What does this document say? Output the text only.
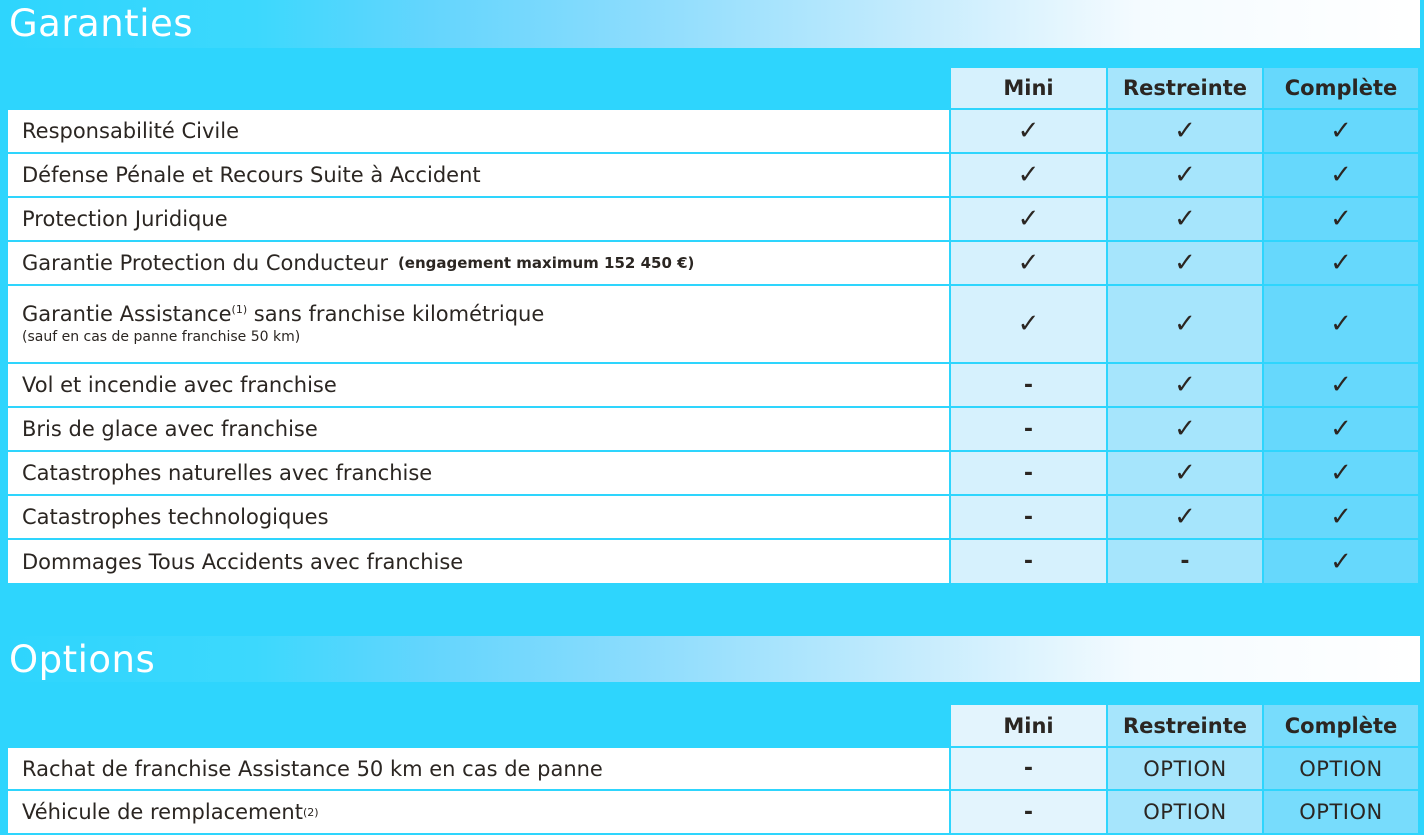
Garanties
Mini	Restreinte	Complète
Responsabilité Civile	✓	✓	✓
Défense Pénale et Recours Suite à Accident	✓	✓	✓
Protection Juridique	✓	✓	✓
Garantie Protection du Conducteur (engagement maximum 152 450 €)	✓	✓	✓
Garantie Assistance$^{(1)}$ sans franchise kilométrique
(sauf en cas de panne franchise 50 km)	✓	✓	✓
Vol et incendie avec franchise	-	✓	✓
Bris de glace avec franchise	-	✓	✓
Catastrophes naturelles avec franchise	-	✓	✓
Catastrophes technologiques	-	✓	✓
Dommages Tous Accidents avec franchise	-	-	✓
Options
Mini	Restreinte	Complète
Rachat de franchise Assistance 50 km en cas de panne	-	OPTION	OPTION
Véhicule de remplacement (2)	-	OPTION	OPTION
